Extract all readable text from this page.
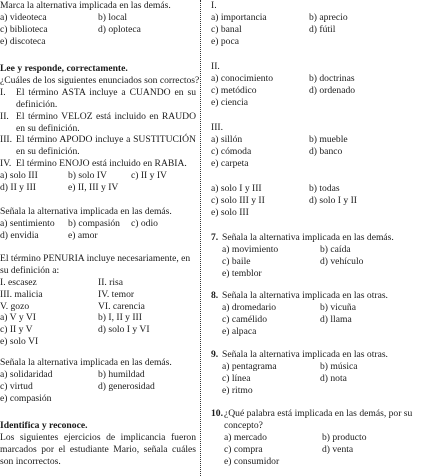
Marca la alternativa implicada en las demás.
a) videoteca	b) local
c) biblioteca	d) oploteca
e) discoteca
Lee y responde, correctamente.
¿Cuáles de los siguientes enunciados son correctos?
I.	El término ASTA incluye a CUANDO en su definición.
II. El término VELOZ está incluido en RAUDO en su definición.
III. El término APODO incluye a SUSTITUCIÓN en su definición.
IV. El término ENOJO está incluido en RABIA.
a) solo III	b) solo IV	c) II y IV
d) II y III	e) II, III y IV
Señala la alternativa implicada en las demás.
a) sentimiento b) compasión c) odio
d) envidia	e) amor
El término PENURIA incluye necesariamente, en su definición a:
I. escasez	II. risa
III. malicia	IV. temor
V. gozo	VI. carencia
a) V y VI	b) I, II y III
c) II y V	d) solo I y VI
e) solo VI
Señala la alternativa implicada en las demás.
a) solidaridad	b) humildad
c) virtud	d) generosidad
e) compasión
Identifica y reconoce.
Los siguientes ejercicios de implicancia fueron marcados por el estudiante Mario, señala cuáles son incorrectos.
I.
a) importancia	b) aprecio
c) banal	d) fútil
e) poca
II.
a) conocimiento	b) doctrinas
c) metódico	d) ordenado
e) ciencia
III.
a) sillón	b) mueble
c) cómoda	d) banco
e) carpeta
a) solo I y III	b) todas
c) solo III y II	d) solo I y II
e) solo III
7. Señala la alternativa implicada en las demás.
a) movimiento	b) caída
c) baile	d) vehículo
e) temblor
8. Señala la alternativa implicada en las otras.
a) dromedario	b) vicuña
c) camélido	d) llama
e) alpaca
9. Señala la alternativa implicada en las otras.
a) pentagrama	b) música
c) línea	d) nota
e) ritmo
10. ¿Qué palabra está implicada en las demás, por su concepto?
a) mercado	b) producto
c) compra	d) venta
e) consumidor
